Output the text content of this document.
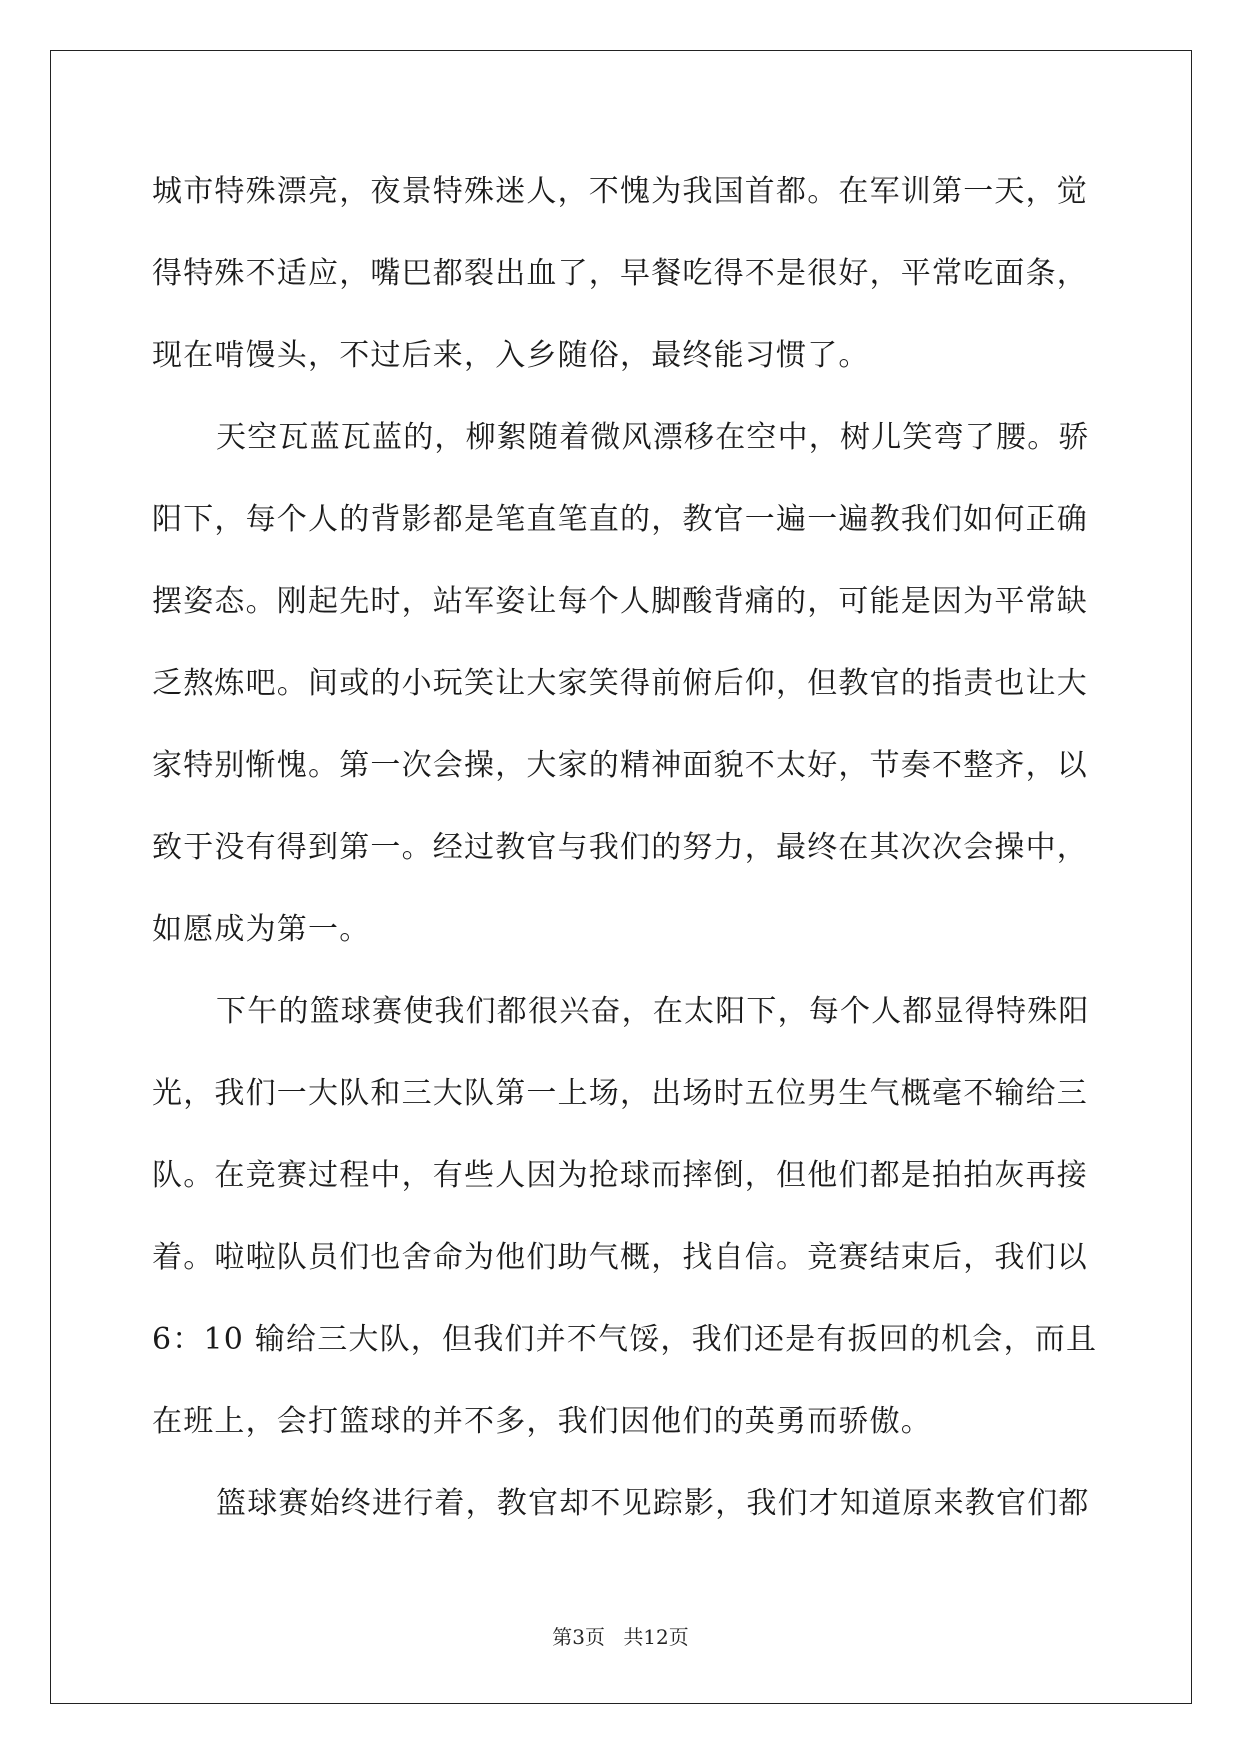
城市特殊漂亮，夜景特殊迷人，不愧为我国首都。在军训第一天，觉
得特殊不适应，嘴巴都裂出血了，早餐吃得不是很好，平常吃面条，
现在啃馒头，不过后来，入乡随俗，最终能习惯了。
天空瓦蓝瓦蓝的，柳絮随着微风漂移在空中，树儿笑弯了腰。骄
阳下，每个人的背影都是笔直笔直的，教官一遍一遍教我们如何正确
摆姿态。刚起先时，站军姿让每个人脚酸背痛的，可能是因为平常缺
乏熬炼吧。间或的小玩笑让大家笑得前俯后仰，但教官的指责也让大
家特别惭愧。第一次会操，大家的精神面貌不太好，节奏不整齐，以
致于没有得到第一。经过教官与我们的努力，最终在其次次会操中，
如愿成为第一。
下午的篮球赛使我们都很兴奋，在太阳下，每个人都显得特殊阳
光，我们一大队和三大队第一上场，出场时五位男生气概毫不输给三
队。在竞赛过程中，有些人因为抢球而摔倒，但他们都是拍拍灰再接
着。啦啦队员们也舍命为他们助气概，找自信。竞赛结束后，我们以
6：10 输给三大队，但我们并不气馁，我们还是有扳回的机会，而且
在班上，会打篮球的并不多，我们因他们的英勇而骄傲。
篮球赛始终进行着，教官却不见踪影，我们才知道原来教官们都
第3页 共12页
